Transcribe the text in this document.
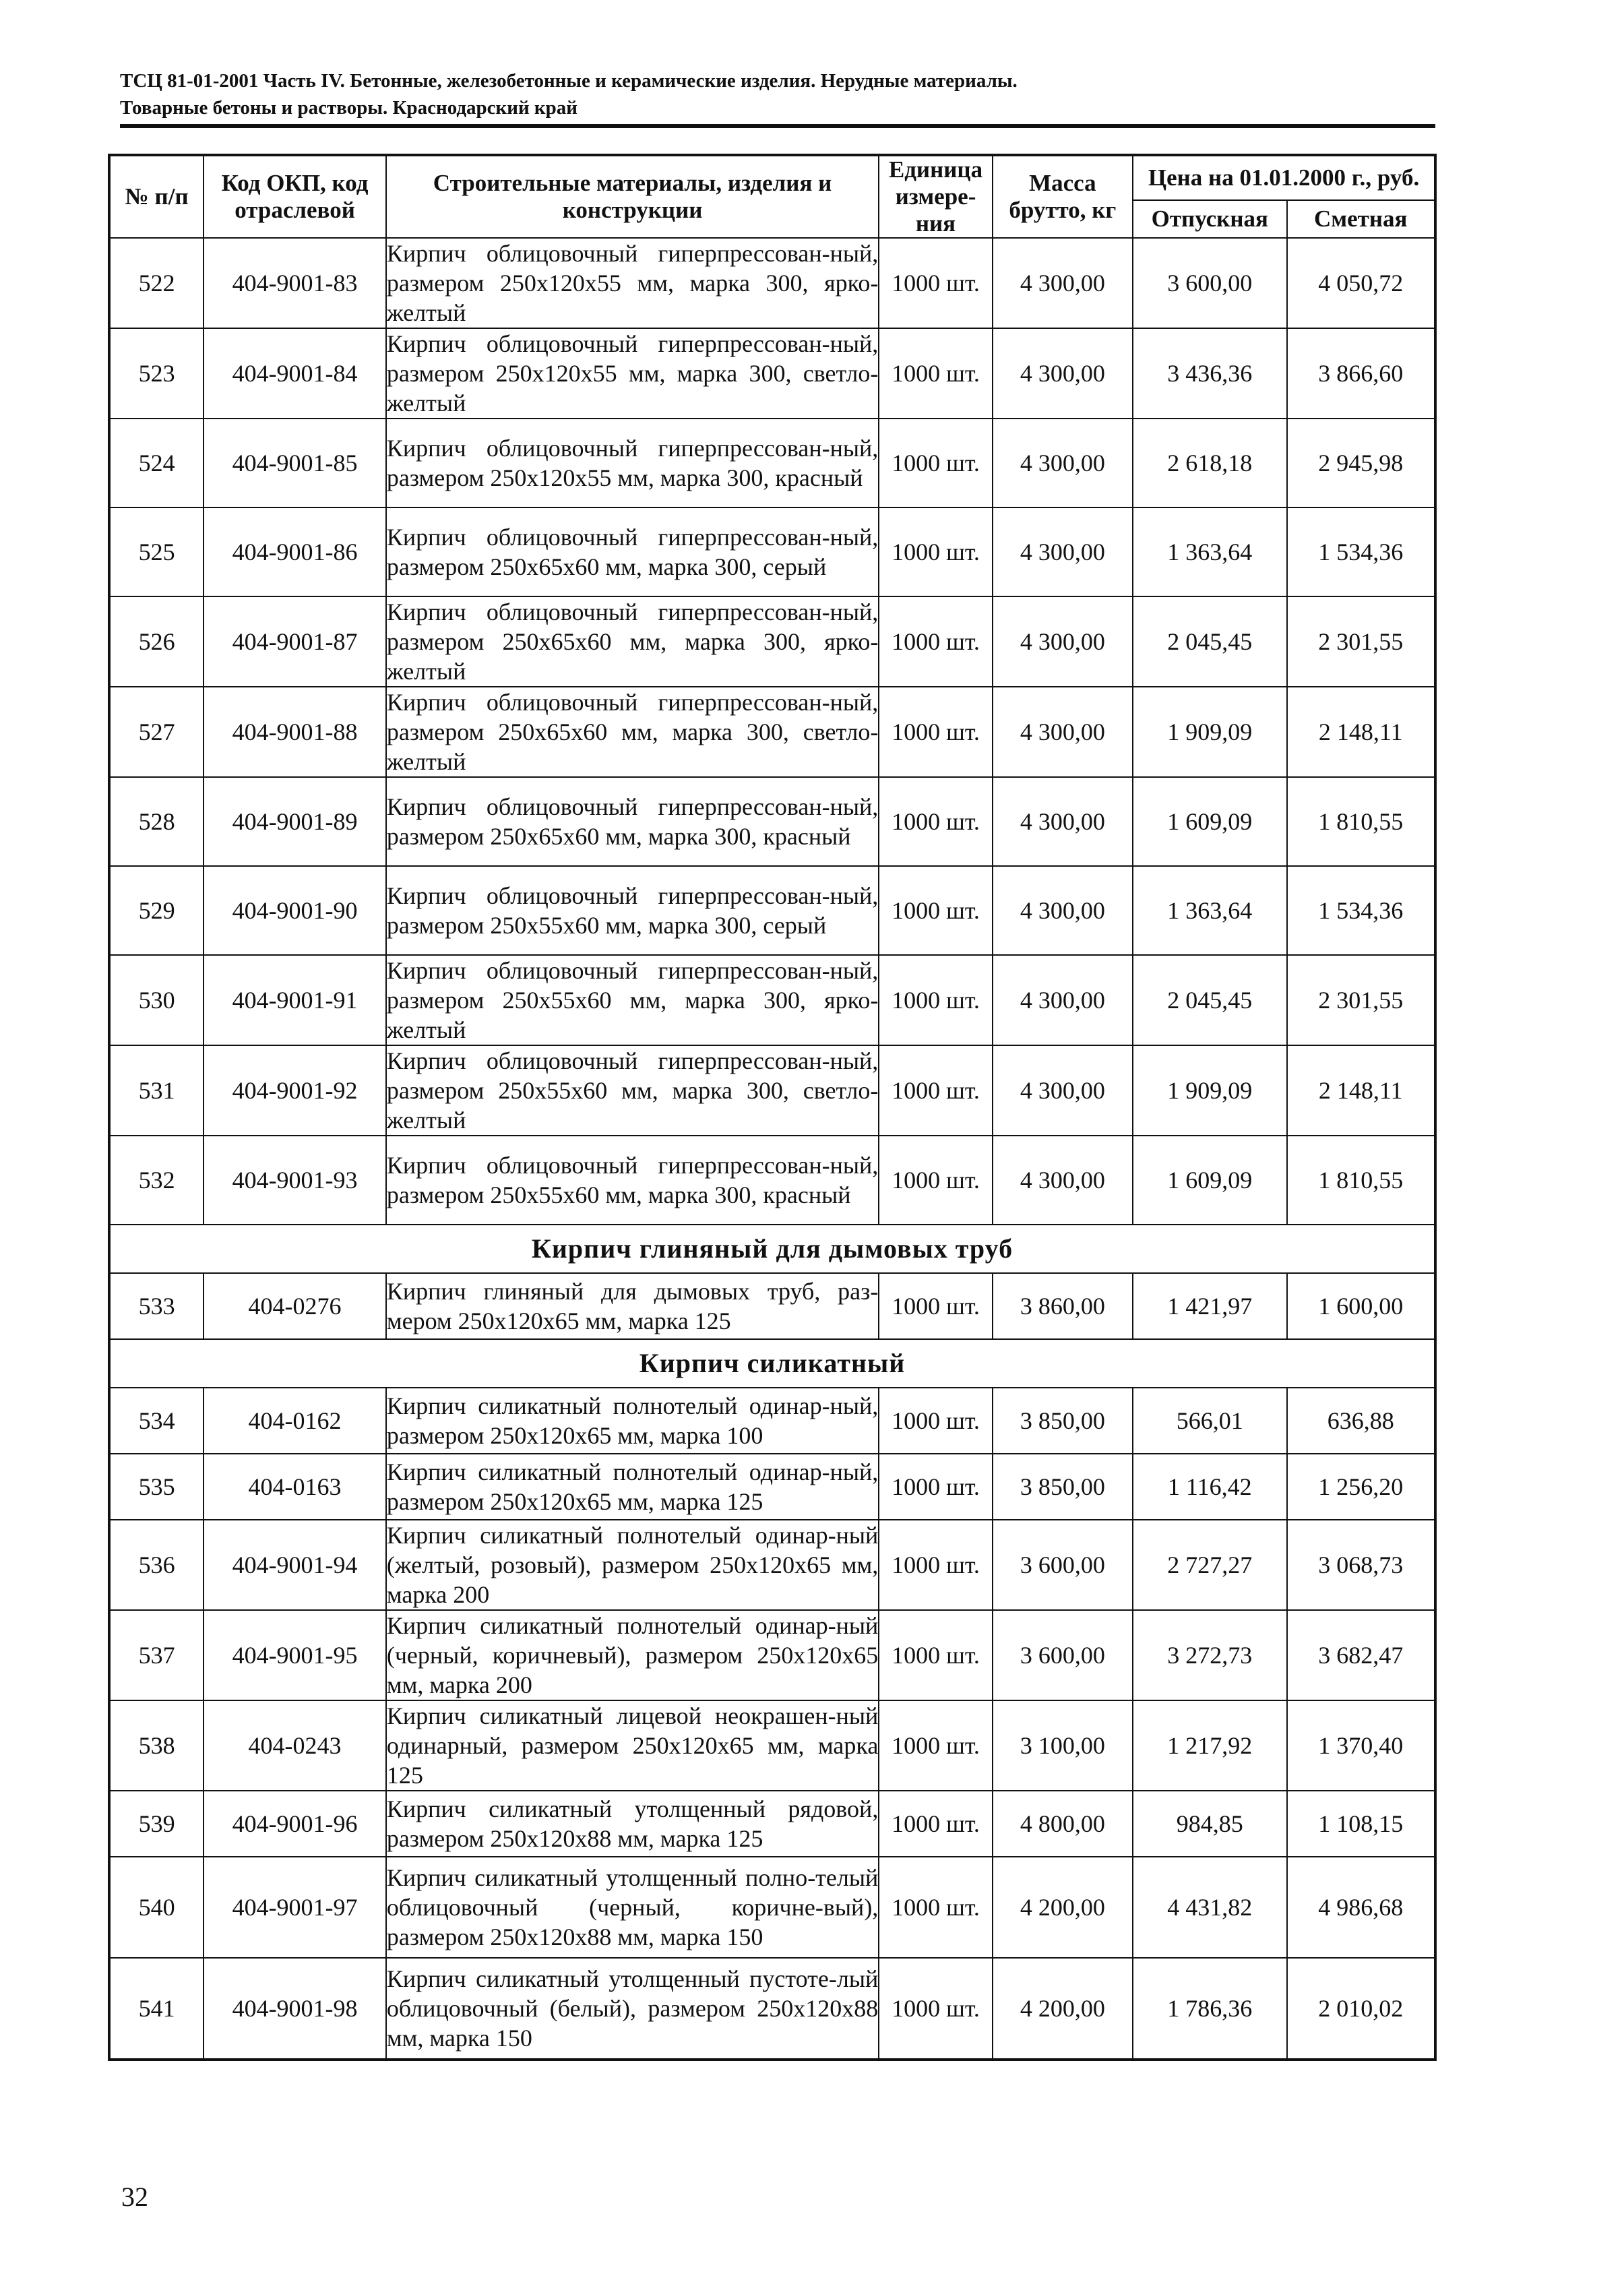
ТСЦ 81-01-2001 Часть IV. Бетонные, железобетонные и керамические изделия. Нерудные материалы.
Товарные бетоны и растворы. Краснодарский край
№ п/п	Код ОКП, код отраслевой	Строительные материалы, изделия и конструкции	Единица измере-ния	Масса брутто, кг	Цена на 01.01.2000 г., руб.	
					Отпускная	Сметная
522	404-9001-83	Кирпич облицовочный гиперпрессован-ный, размером 250x120x55 мм, марка 300, ярко-желтый	1000 шт.	4 300,00	3 600,00	4 050,72
523	404-9001-84	Кирпич облицовочный гиперпрессован-ный, размером 250x120x55 мм, марка 300, светло-желтый	1000 шт.	4 300,00	3 436,36	3 866,60
524	404-9001-85	Кирпич облицовочный гиперпрессован-ный, размером 250x120x55 мм, марка 300, красный	1000 шт.	4 300,00	2 618,18	2 945,98
525	404-9001-86	Кирпич облицовочный гиперпрессован-ный, размером 250x65x60 мм, марка 300, серый	1000 шт.	4 300,00	1 363,64	1 534,36
526	404-9001-87	Кирпич облицовочный гиперпрессован-ный, размером 250x65x60 мм, марка 300, ярко-желтый	1000 шт.	4 300,00	2 045,45	2 301,55
527	404-9001-88	Кирпич облицовочный гиперпрессован-ный, размером 250x65x60 мм, марка 300, светло-желтый	1000 шт.	4 300,00	1 909,09	2 148,11
528	404-9001-89	Кирпич облицовочный гиперпрессован-ный, размером 250x65x60 мм, марка 300, красный	1000 шт.	4 300,00	1 609,09	1 810,55
529	404-9001-90	Кирпич облицовочный гиперпрессован-ный, размером 250x55x60 мм, марка 300, серый	1000 шт.	4 300,00	1 363,64	1 534,36
530	404-9001-91	Кирпич облицовочный гиперпрессован-ный, размером 250x55x60 мм, марка 300, ярко-желтый	1000 шт.	4 300,00	2 045,45	2 301,55
531	404-9001-92	Кирпич облицовочный гиперпрессован-ный, размером 250x55x60 мм, марка 300, светло-желтый	1000 шт.	4 300,00	1 909,09	2 148,11
532	404-9001-93	Кирпич облицовочный гиперпрессован-ный, размером 250x55x60 мм, марка 300, красный	1000 шт.	4 300,00	1 609,09	1 810,55
Кирпич глиняный для дымовых труб						
533	404-0276	Кирпич глиняный для дымовых труб, раз-мером 250x120x65 мм, марка 125	1000 шт.	3 860,00	1 421,97	1 600,00
Кирпич силикатный						
534	404-0162	Кирпич силикатный полнотелый одинар-ный, размером 250x120x65 мм, марка 100	1000 шт.	3 850,00	566,01	636,88
535	404-0163	Кирпич силикатный полнотелый одинар-ный, размером 250x120x65 мм, марка 125	1000 шт.	3 850,00	1 116,42	1 256,20
536	404-9001-94	Кирпич силикатный полнотелый одинар-ный (желтый, розовый), размером 250x120x65 мм, марка 200	1000 шт.	3 600,00	2 727,27	3 068,73
537	404-9001-95	Кирпич силикатный полнотелый одинар-ный (черный, коричневый), размером 250x120x65 мм, марка 200	1000 шт.	3 600,00	3 272,73	3 682,47
538	404-0243	Кирпич силикатный лицевой неокрашен-ный одинарный, размером 250x120x65 мм, марка 125	1000 шт.	3 100,00	1 217,92	1 370,40
539	404-9001-96	Кирпич силикатный утолщенный рядовой, размером 250x120x88 мм, марка 125	1000 шт.	4 800,00	984,85	1 108,15
540	404-9001-97	Кирпич силикатный утолщенный полно-телый облицовочный (черный, коричне-вый), размером 250x120x88 мм, марка 150	1000 шт.	4 200,00	4 431,82	4 986,68
541	404-9001-98	Кирпич силикатный утолщенный пустоте-лый облицовочный (белый), размером 250x120x88 мм, марка 150	1000 шт.	4 200,00	1 786,36	2 010,02
32
